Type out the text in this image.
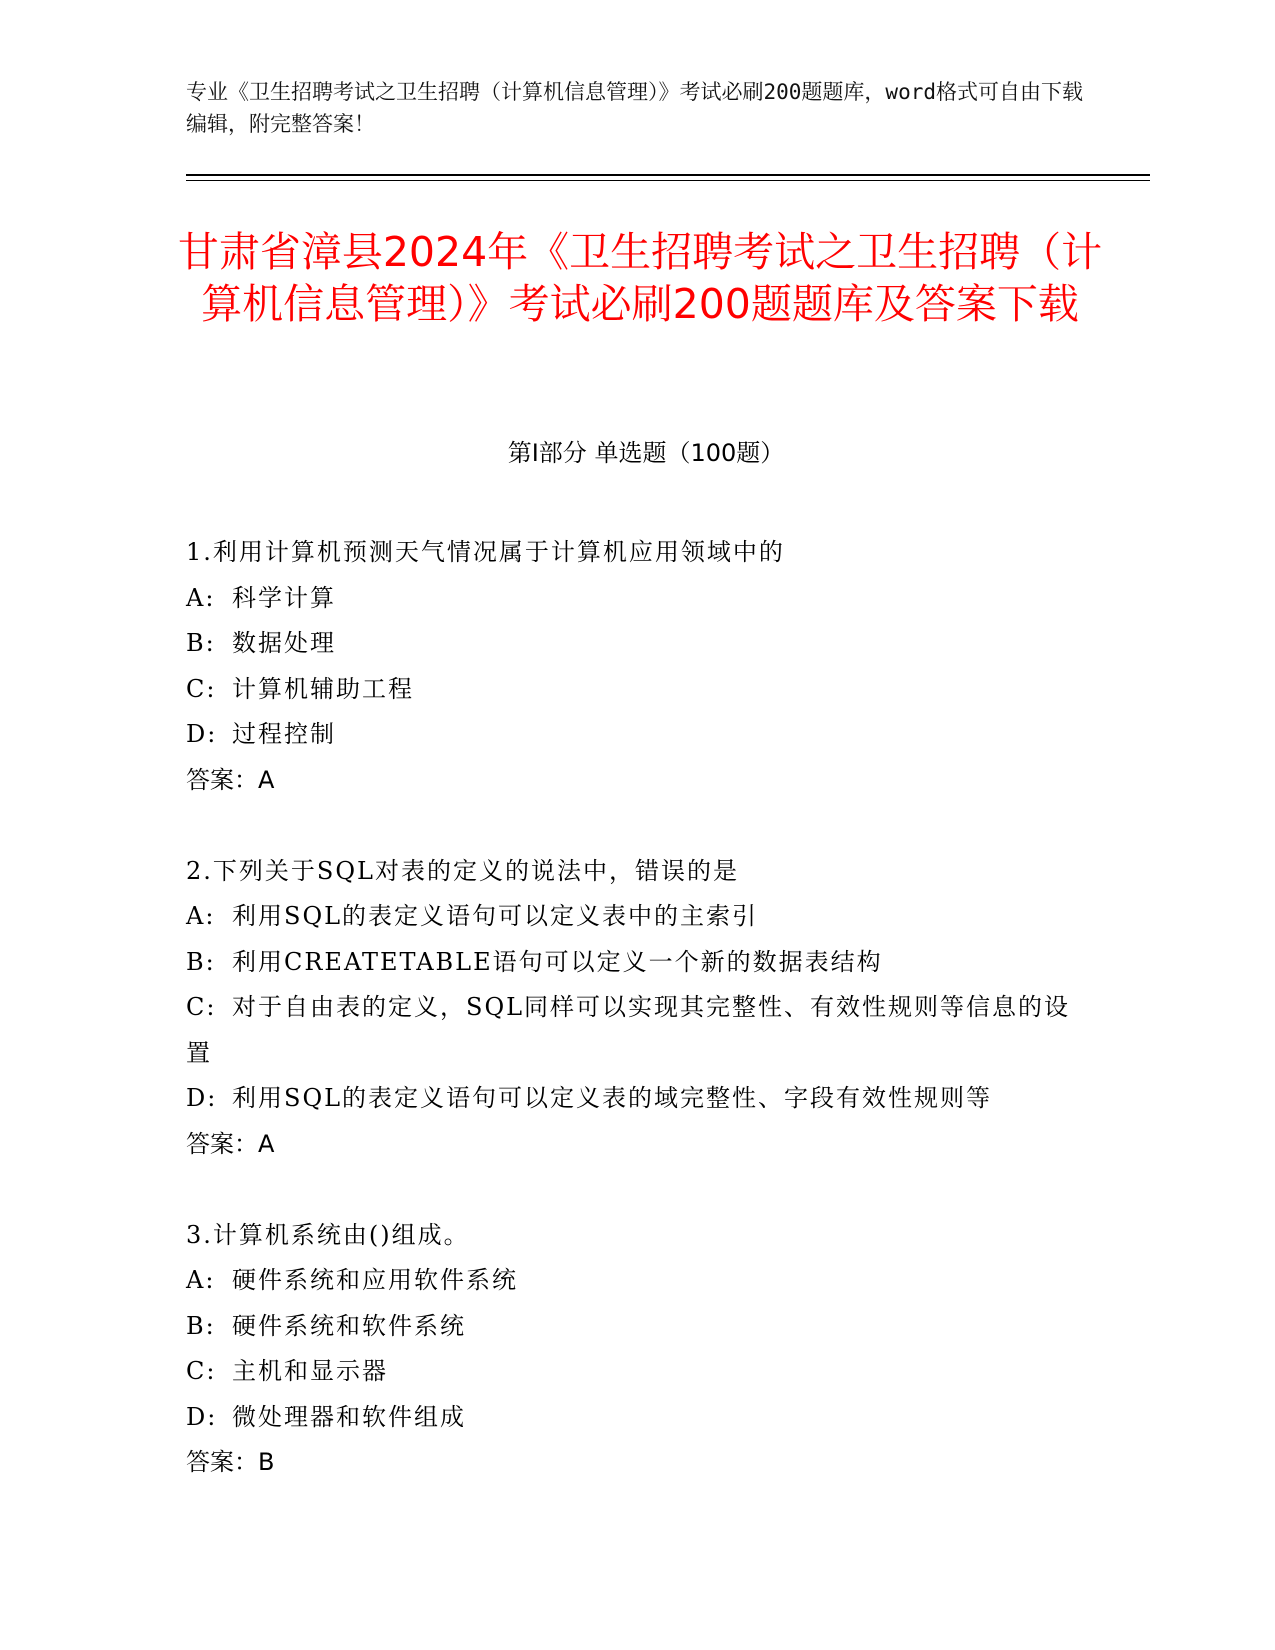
专业《卫生招聘考试之卫生招聘（计算机信息管理）》考试必刷200题题库，word格式可自由下载编辑，附完整答案！
甘肃省漳县2024年《卫生招聘考试之卫生招聘（计算机信息管理）》考试必刷200题题库及答案下载
第Ⅰ部分 单选题（100题）

1.利用计算机预测天气情况属于计算机应用领域中的

A: 科学计算

B: 数据处理

C: 计算机辅助工程

D: 过程控制

答案：A

2.下列关于SQL对表的定义的说法中，错误的是

A: 利用SQL的表定义语句可以定义表中的主索引

B: 利用CREATETABLE语句可以定义一个新的数据表结构

C: 对于自由表的定义，SQL同样可以实现其完整性、有效性规则等信息的设置

D: 利用SQL的表定义语句可以定义表的域完整性、字段有效性规则等

答案：A

3.计算机系统由()组成。

A: 硬件系统和应用软件系统

B: 硬件系统和软件系统

C: 主机和显示器

D: 微处理器和软件组成

答案：B
